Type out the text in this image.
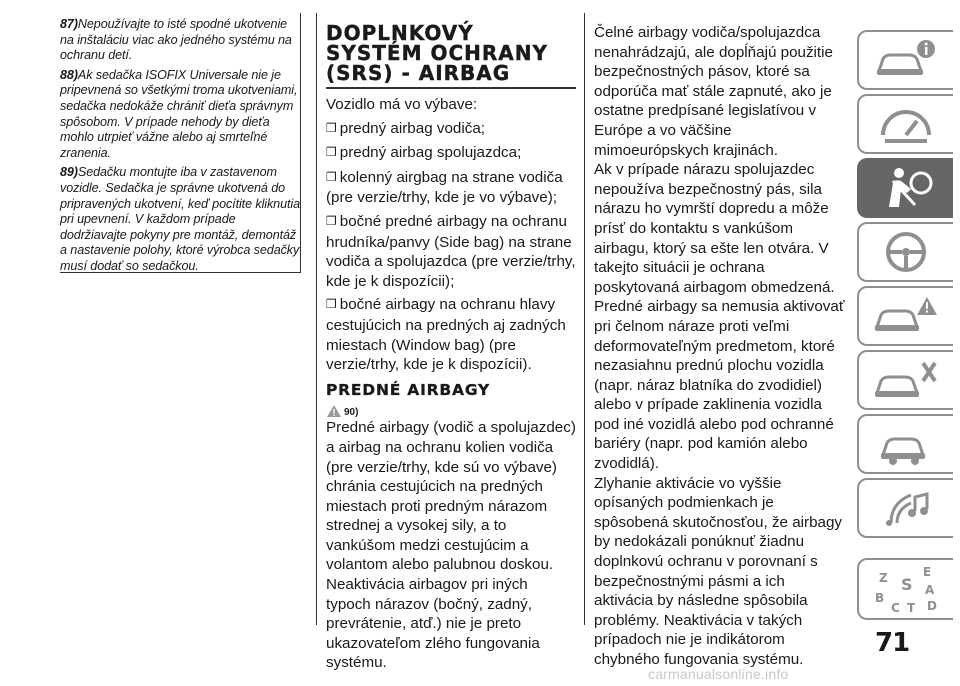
87)Nepoužívajte to isté spodné ukotvenie na inštaláciu viac ako jedného systému na ochranu detí.

88)Ak sedačka ISOFIX Universale nie je pripevnená so všetkými troma ukotveniami, sedačka nedokáže chrániť dieťa správnym spôsobom. V prípade nehody by dieťa mohlo utrpieť vážne alebo aj smrteľné zranenia.

89)Sedačku montujte iba v zastavenom vozidle. Sedačka je správne ukotvená do pripravených ukotvení, keď pocítite kliknutia pri upevnení. V každom prípade dodržiavajte pokyny pre montáž, demontáž a nastavenie polohy, ktoré výrobca sedačky musí dodať so sedačkou.

DOPLNKOVÝ
SYSTÉM OCHRANY
(SRS) - AIRBAG

Vozidlo má vo výbave:

❒ predný airbag vodiča;

❒ predný airbag spolujazdca;

❒ kolenný airgbag na strane vodiča (pre verzie/trhy, kde je vo výbave);

❒ bočné predné airbagy na ochranu hrudníka/panvy (Side bag) na strane vodiča a spolujazdca (pre verzie/trhy, kde je k dispozícii);

❒ bočné airbagy na ochranu hlavy cestujúcich na predných aj zadných miestach (Window bag) (pre verzie/trhy, kde je k dispozícii).

PREDNÉ AIRBAGY
90)

Predné airbagy (vodič a spolujazdec) a airbag na ochranu kolien vodiča (pre verzie/trhy, kde sú vo výbave) chránia cestujúcich na predných miestach proti predným nárazom strednej a vysokej sily, a to vankúšom medzi cestujúcim a volantom alebo palubnou doskou. Neaktivácia airbagov pri iných typoch nárazov (bočný, zadný, prevrátenie, atď.) nie je preto ukazovateľom zlého fungovania systému.

Čelné airbagy vodiča/spolujazdca nenahrádzajú, ale dopĺňajú použitie bezpečnostných pásov, ktoré sa odporúča mať stále zapnuté, ako je ostatne predpísané legislatívou v Európe a vo väčšine mimoeurópskych krajinách.

Ak v prípade nárazu spolujazdec nepoužíva bezpečnostný pás, sila nárazu ho vymrští dopredu a môže prísť do kontaktu s vankúšom airbagu, ktorý sa ešte len otvára. V takejto situácii je ochrana poskytovaná airbagom obmedzená.

Predné airbagy sa nemusia aktivovať pri čelnom náraze proti veľmi deformovateľným predmetom, ktoré nezasiahnu prednú plochu vozidla (napr. náraz blatníka do zvodidiel) alebo v prípade zaklinenia vozidla pod iné vozidlá alebo pod ochranné bariéry (napr. pod kamión alebo zvodidlá).

Zlyhanie aktivácie vo vyššie opísaných podmienkach je spôsobená skutočnosťou, že airbagy by nedokázali ponúknuť žiadnu doplnkovú ochranu v porovnaní s bezpečnostnými pásmi a ich aktivácia by následne spôsobila problémy. Neaktivácia v takých prípadoch nie je indikátorom chybného fungovania systému.

Z	E
S A
B
C T D
71
carmanualsonline.info
